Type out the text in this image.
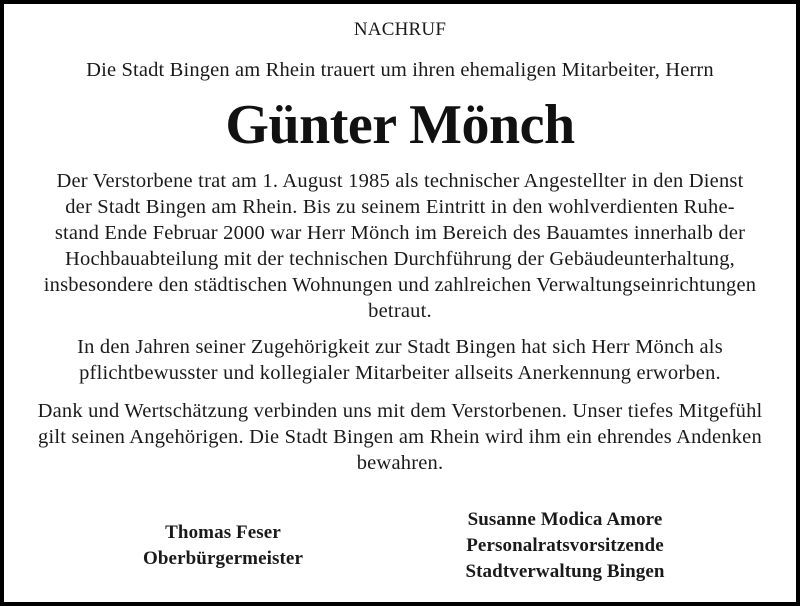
NACHRUF
Die Stadt Bingen am Rhein trauert um ihren ehemaligen Mitarbeiter, Herrn
Günter Mönch
Der Verstorbene trat am 1. August 1985 als technischer Angestellter in den Dienst
der Stadt Bingen am Rhein. Bis zu seinem Eintritt in den wohlverdienten Ruhe-
stand Ende Februar 2000 war Herr Mönch im Bereich des Bauamtes innerhalb der
Hochbauabteilung mit der technischen Durchführung der Gebäudeunterhaltung,
insbesondere den städtischen Wohnungen und zahlreichen Verwaltungseinrichtungen
betraut.
In den Jahren seiner Zugehörigkeit zur Stadt Bingen hat sich Herr Mönch als
pflichtbewusster und kollegialer Mitarbeiter allseits Anerkennung erworben.
Dank und Wertschätzung verbinden uns mit dem Verstorbenen. Unser tiefes Mitgefühl
gilt seinen Angehörigen. Die Stadt Bingen am Rhein wird ihm ein ehrendes Andenken
bewahren.
Thomas Feser
Oberbürgermeister
Susanne Modica Amore
Personalratsvorsitzende
Stadtverwaltung Bingen
